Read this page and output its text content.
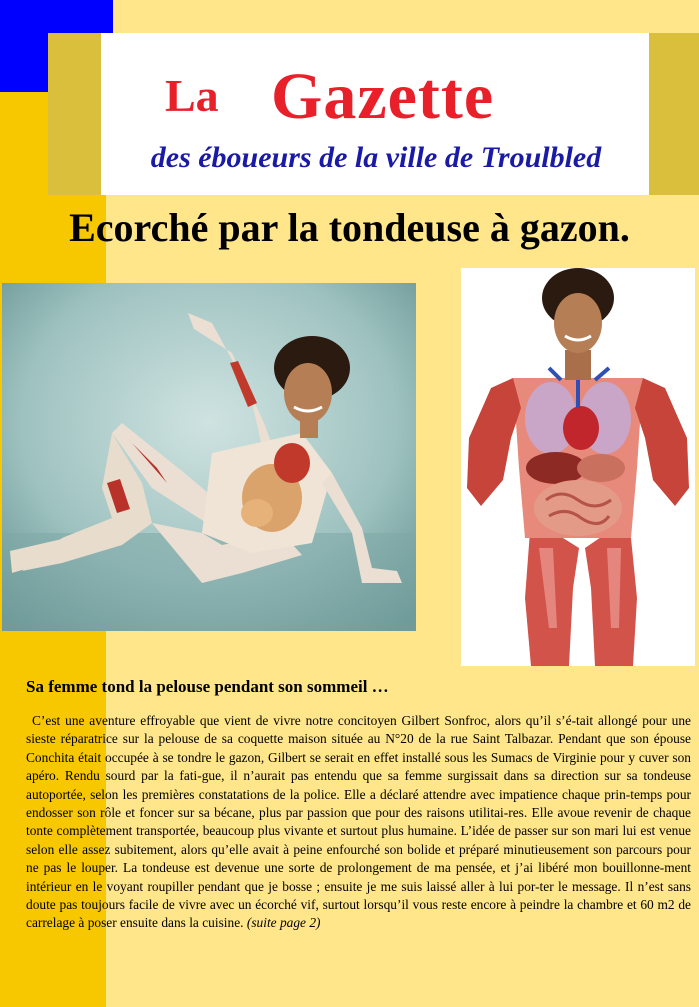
La Gazette
des éboueurs de la ville de Troulbled
Ecorché par la tondeuse à gazon.
Sa femme tond la pelouse pendant son sommeil …

C’est une aventure effroyable que vient de vivre notre concitoyen Gilbert Sonfroc, alors qu’il s’é-tait allongé pour une sieste réparatrice sur la pelouse de sa coquette maison située au N°20 de la rue Saint Talbazar. Pendant que son épouse Conchita était occupée à se tondre le gazon, Gilbert se serait en effet installé sous les Sumacs de Virginie pour y cuver son apéro. Rendu sourd par la fati-gue, il n’aurait pas entendu que sa femme surgissait dans sa direction sur sa tondeuse autoportée, selon les premières constatations de la police. Elle a déclaré attendre avec impatience chaque prin-temps pour endosser son rôle et foncer sur sa bécane, plus par passion que pour des raisons utilitai-res. Elle avoue revenir de chaque tonte complètement transportée, beaucoup plus vivante et surtout plus humaine. L’idée de passer sur son mari lui est venue selon elle assez subitement, alors qu’elle avait à peine enfourché son bolide et préparé minutieusement son parcours pour ne pas le louper. La tondeuse est devenue une sorte de prolongement de ma pensée, et j’ai libéré mon bouillonne-ment intérieur en le voyant roupiller pendant que je bosse ; ensuite je me suis laissé aller à lui por-ter le message. Il n’est sans doute pas toujours facile de vivre avec un écorché vif, surtout lorsqu’il vous reste encore à peindre la chambre et 60 m2 de carrelage à poser ensuite dans la cuisine. (suite page 2)
